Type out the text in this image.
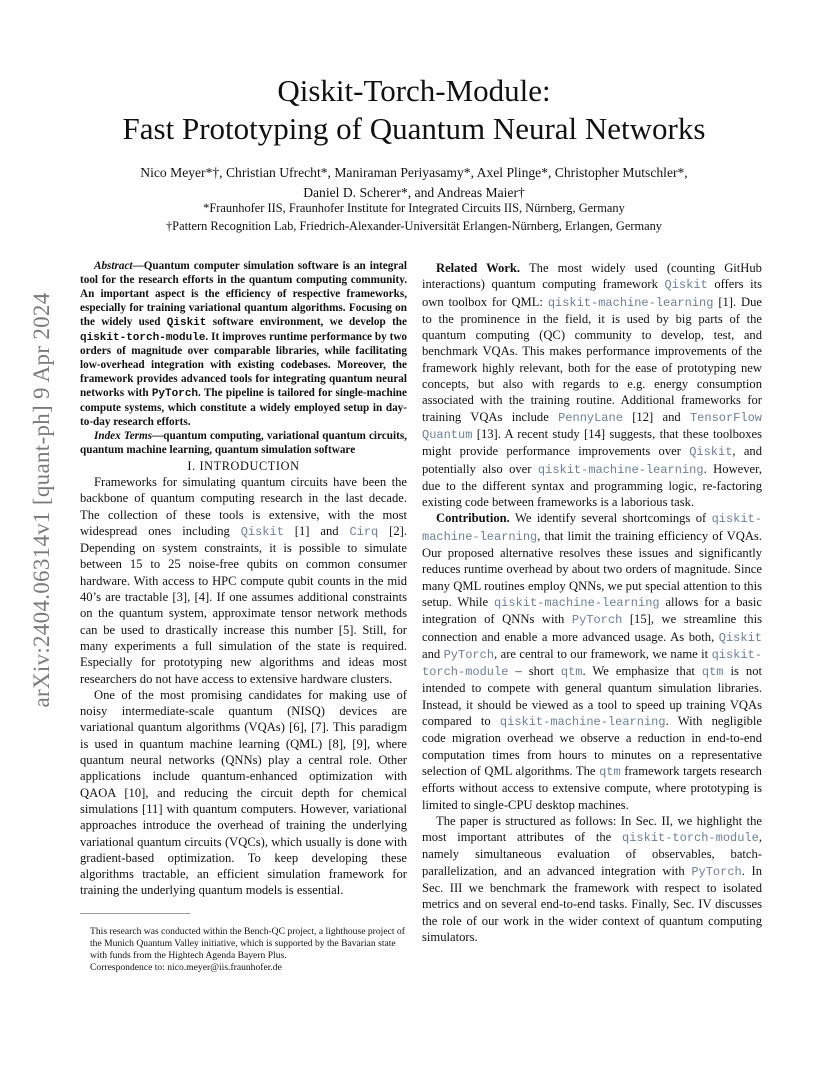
arXiv:2404.06314v1 [quant-ph] 9 Apr 2024
Qiskit-Torch-Module:
Fast Prototyping of Quantum Neural Networks
Nico Meyer*†, Christian Ufrecht*, Maniraman Periyasamy*, Axel Plinge*, Christopher Mutschler*,
Daniel D. Scherer*, and Andreas Maier†
*Fraunhofer IIS, Fraunhofer Institute for Integrated Circuits IIS, Nürnberg, Germany
†Pattern Recognition Lab, Friedrich-Alexander-Universität Erlangen-Nürnberg, Erlangen, Germany

Abstract—Quantum computer simulation software is an integral tool for the research efforts in the quantum computing community. An important aspect is the efficiency of respective frameworks, especially for training variational quantum algorithms. Focusing on the widely used Qiskit software environment, we develop the qiskit-torch-module. It improves runtime performance by two orders of magnitude over comparable libraries, while facilitating low-overhead integration with existing codebases. Moreover, the framework provides advanced tools for integrating quantum neural networks with PyTorch. The pipeline is tailored for single-machine compute systems, which constitute a widely employed setup in day-to-day research efforts.

Index Terms—quantum computing, variational quantum circuits, quantum machine learning, quantum simulation software

I. INTRODUCTION

Frameworks for simulating quantum circuits have been the backbone of quantum computing research in the last decade. The collection of these tools is extensive, with the most widespread ones including Qiskit [1] and Cirq [2]. Depending on system constraints, it is possible to simulate between 15 to 25 noise-free qubits on common consumer hardware. With access to HPC compute qubit counts in the mid 40’s are tractable [3], [4]. If one assumes additional constraints on the quantum system, approximate tensor network methods can be used to drastically increase this number [5]. Still, for many experiments a full simulation of the state is required. Especially for prototyping new algorithms and ideas most researchers do not have access to extensive hardware clusters.

One of the most promising candidates for making use of noisy intermediate-scale quantum (NISQ) devices are variational quantum algorithms (VQAs) [6], [7]. This paradigm is used in quantum machine learning (QML) [8], [9], where quantum neural networks (QNNs) play a central role. Other applications include quantum-enhanced optimization with QAOA [10], and reducing the circuit depth for chemical simulations [11] with quantum computers. However, variational approaches introduce the overhead of training the underlying variational quantum circuits (VQCs), which usually is done with gradient-based optimization. To keep developing these algorithms tractable, an efficient simulation framework for training the underlying quantum models is essential.

This research was conducted within the Bench-QC project, a lighthouse project of the Munich Quantum Valley initiative, which is supported by the Bavarian state with funds from the Hightech Agenda Bayern Plus.

Correspondence to: nico.meyer@iis.fraunhofer.de

Related Work. The most widely used (counting GitHub interactions) quantum computing framework Qiskit offers its own toolbox for QML: qiskit-machine-learning [1]. Due to the prominence in the field, it is used by big parts of the quantum computing (QC) community to develop, test, and benchmark VQAs. This makes performance improvements of the framework highly relevant, both for the ease of prototyping new concepts, but also with regards to e.g. energy consumption associated with the training routine. Additional frameworks for training VQAs include PennyLane [12] and TensorFlow Quantum [13]. A recent study [14] suggests, that these toolboxes might provide performance improvements over Qiskit, and potentially also over qiskit-machine-learning. However, due to the different syntax and programming logic, re-factoring existing code between frameworks is a laborious task.

Contribution. We identify several shortcomings of qiskit-machine-learning, that limit the training efficiency of VQAs. Our proposed alternative resolves these issues and significantly reduces runtime overhead by about two orders of magnitude. Since many QML routines employ QNNs, we put special attention to this setup. While qiskit-machine-learning allows for a basic integration of QNNs with PyTorch [15], we streamline this connection and enable a more advanced usage. As both, Qiskit and PyTorch, are central to our framework, we name it qiskit-torch-module – short qtm. We emphasize that qtm is not intended to compete with general quantum simulation libraries. Instead, it should be viewed as a tool to speed up training VQAs compared to qiskit-machine-learning. With negligible code migration overhead we observe a reduction in end-to-end computation times from hours to minutes on a representative selection of QML algorithms. The qtm framework targets research efforts without access to extensive compute, where prototyping is limited to single-CPU desktop machines.

The paper is structured as follows: In Sec. II, we highlight the most important attributes of the qiskit-torch-module, namely simultaneous evaluation of observables, batch-parallelization, and an advanced integration with PyTorch. In Sec. III we benchmark the framework with respect to isolated metrics and on several end-to-end tasks. Finally, Sec. IV discusses the role of our work in the wider context of quantum computing simulators.
